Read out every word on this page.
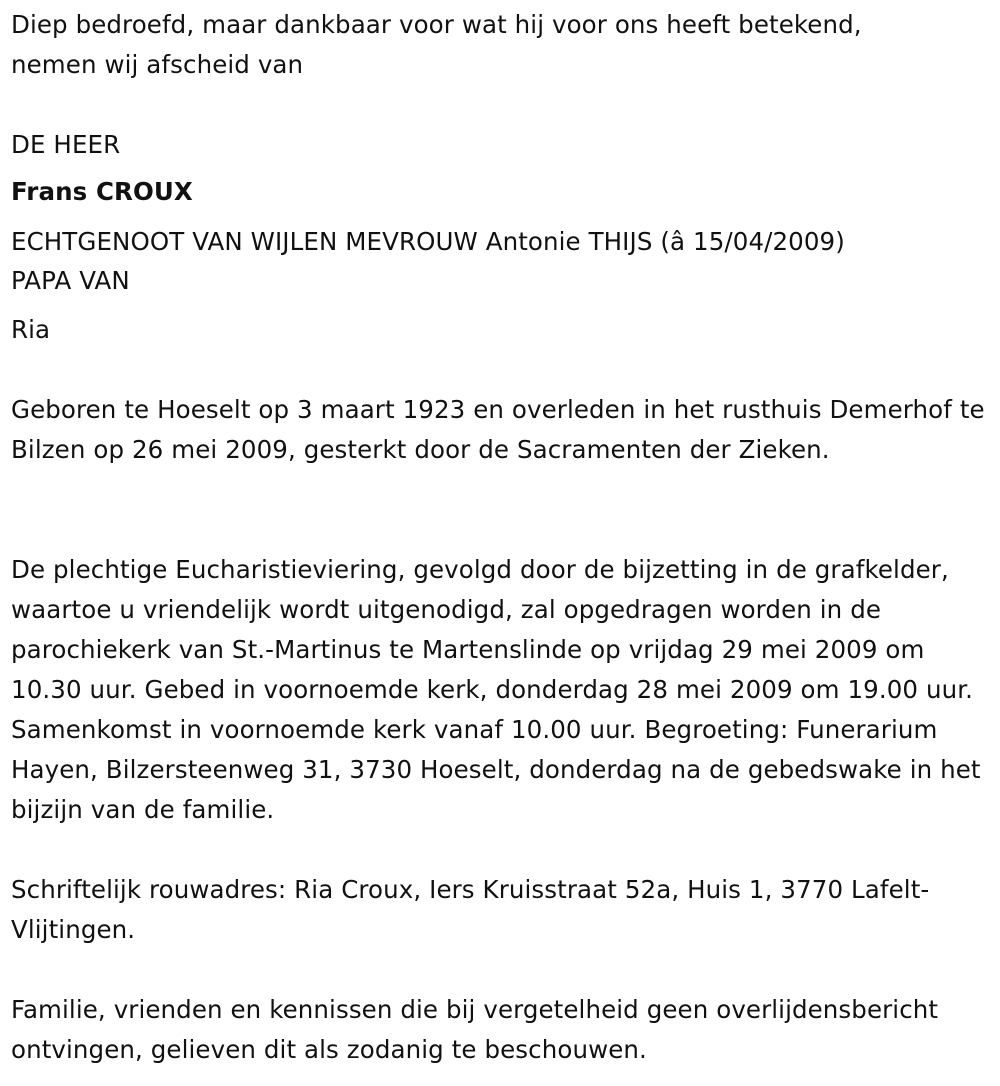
Diep bedroefd, maar dankbaar voor wat hij voor ons heeft betekend,

nemen wij afscheid van

DE HEER

Frans CROUX

ECHTGENOOT VAN WIJLEN MEVROUW Antonie THIJS (â 15/04/2009)

PAPA VAN

Ria

Geboren te Hoeselt op 3 maart 1923 en overleden in het rusthuis Demerhof te Bilzen op 26 mei 2009, gesterkt door de Sacramenten der Zieken.

De plechtige Eucharistieviering, gevolgd door de bijzetting in de grafkelder, waartoe u vriendelijk wordt uitgenodigd, zal opgedragen worden in de parochiekerk van St.-Martinus te Martenslinde op vrijdag 29 mei 2009 om 10.30 uur. Gebed in voornoemde kerk, donderdag 28 mei 2009 om 19.00 uur. Samenkomst in voornoemde kerk vanaf 10.00 uur. Begroeting: Funerarium Hayen, Bilzersteenweg 31, 3730 Hoeselt, donderdag na de gebedswake in het bijzijn van de familie.

Schriftelijk rouwadres: Ria Croux, Iers Kruisstraat 52a, Huis 1, 3770 Lafelt-Vlijtingen.

Familie, vrienden en kennissen die bij vergetelheid geen overlijdensbericht ontvingen, gelieven dit als zodanig te beschouwen.
